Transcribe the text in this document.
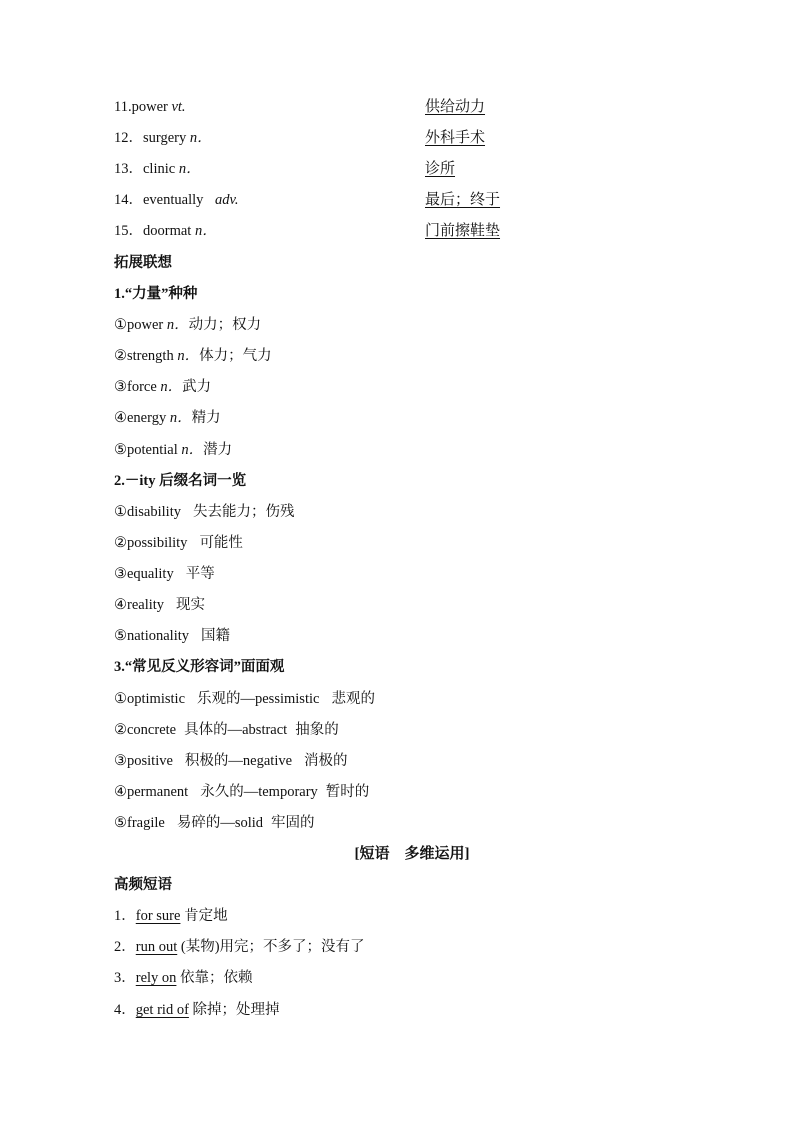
11.power vt.	供给动力
12．surgery n．	外科手术
13．clinic n．	诊所
14．eventually adv.	最后；终于
15．doormat n．	门前擦鞋垫
拓展联想
1.“力量”种种
①power n．动力；权力
②strength n．体力；气力
③force n．武力
④energy n．精力
⑤potential n．潜力
2.－ity 后缀名词一览
①disability 失去能力；伤残
②possibility 可能性
③equality 平等
④reality 现实
⑤nationality 国籍
3.“常见反义形容词”面面观
①optimistic 乐观的—pessimistic 悲观的
②concrete 具体的—abstract 抽象的
③positive 积极的—negative 消极的
④permanent 永久的—temporary 暂时的
⑤fragile 易碎的—solid 牢固的
[短语　多维运用]
高频短语
1．for sure 肯定地
2．run out (某物)用完；不多了；没有了
3．rely on 依靠；依赖
4．get rid of 除掉；处理掉
